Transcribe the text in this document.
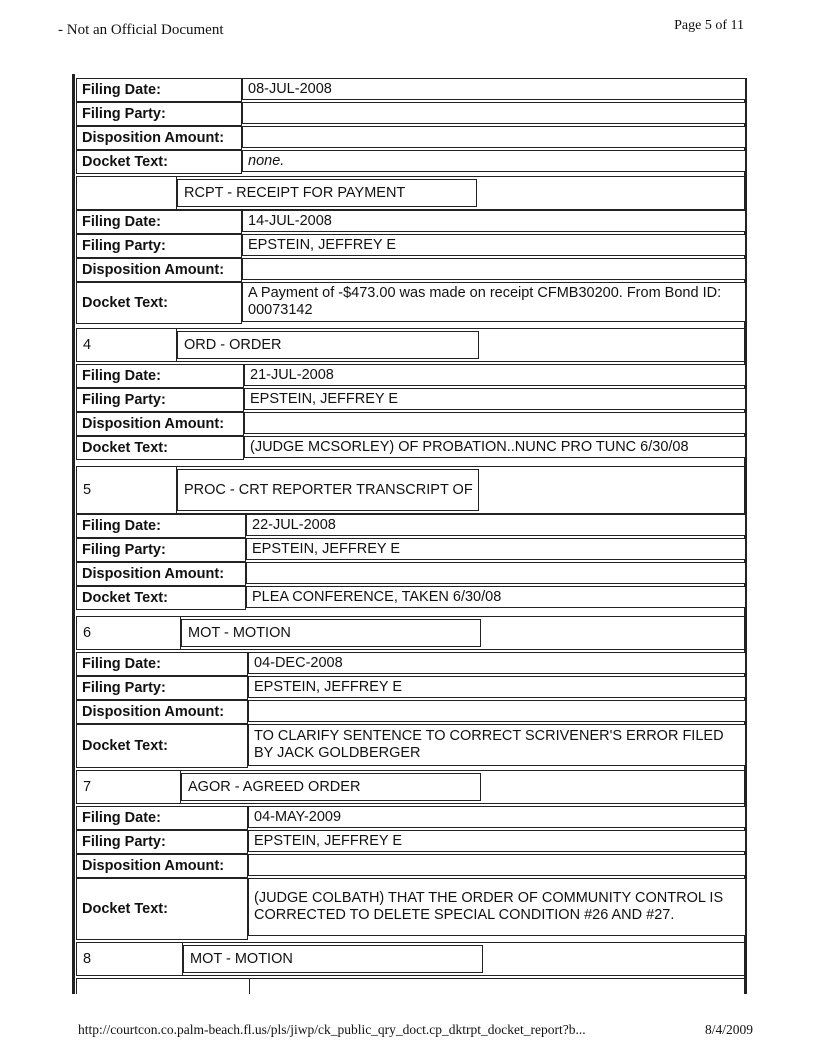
- Not an Official Document	Page 5 of 11
Filing Date:	08-JUL-2008
Filing Party:
Disposition Amount:
Docket Text:	none.
RCPT - RECEIPT FOR PAYMENT
Filing Date:	14-JUL-2008
Filing Party:	EPSTEIN, JEFFREY E
Disposition Amount:
Docket Text:
A Payment of -$473.00 was made on receipt CFMB30200. From Bond ID: 00073142
4	ORD - ORDER
Filing Date:	21-JUL-2008
Filing Party:	EPSTEIN, JEFFREY E
Disposition Amount:
Docket Text:	(JUDGE MCSORLEY) OF PROBATION..NUNC PRO TUNC 6/30/08
5	PROC - CRT REPORTER TRANSCRIPT OF
Filing Date:	22-JUL-2008
Filing Party:	EPSTEIN, JEFFREY E
Disposition Amount:
Docket Text:	PLEA CONFERENCE, TAKEN 6/30/08
6	MOT - MOTION
Filing Date:	04-DEC-2008
Filing Party:	EPSTEIN, JEFFREY E
Disposition Amount:
Docket Text:
TO CLARIFY SENTENCE TO CORRECT SCRIVENER'S ERROR FILED BY JACK GOLDBERGER
7	AGOR - AGREED ORDER
Filing Date:	04-MAY-2009
Filing Party:	EPSTEIN, JEFFREY E
Disposition Amount:
Docket Text:
(JUDGE COLBATH) THAT THE ORDER OF COMMUNITY CONTROL IS CORRECTED TO DELETE SPECIAL CONDITION #26 AND #27.
8	MOT - MOTION
http://courtcon.co.palm-beach.fl.us/pls/jiwp/ck_public_qry_doct.cp_dktrpt_docket_report?b...	8/4/2009
